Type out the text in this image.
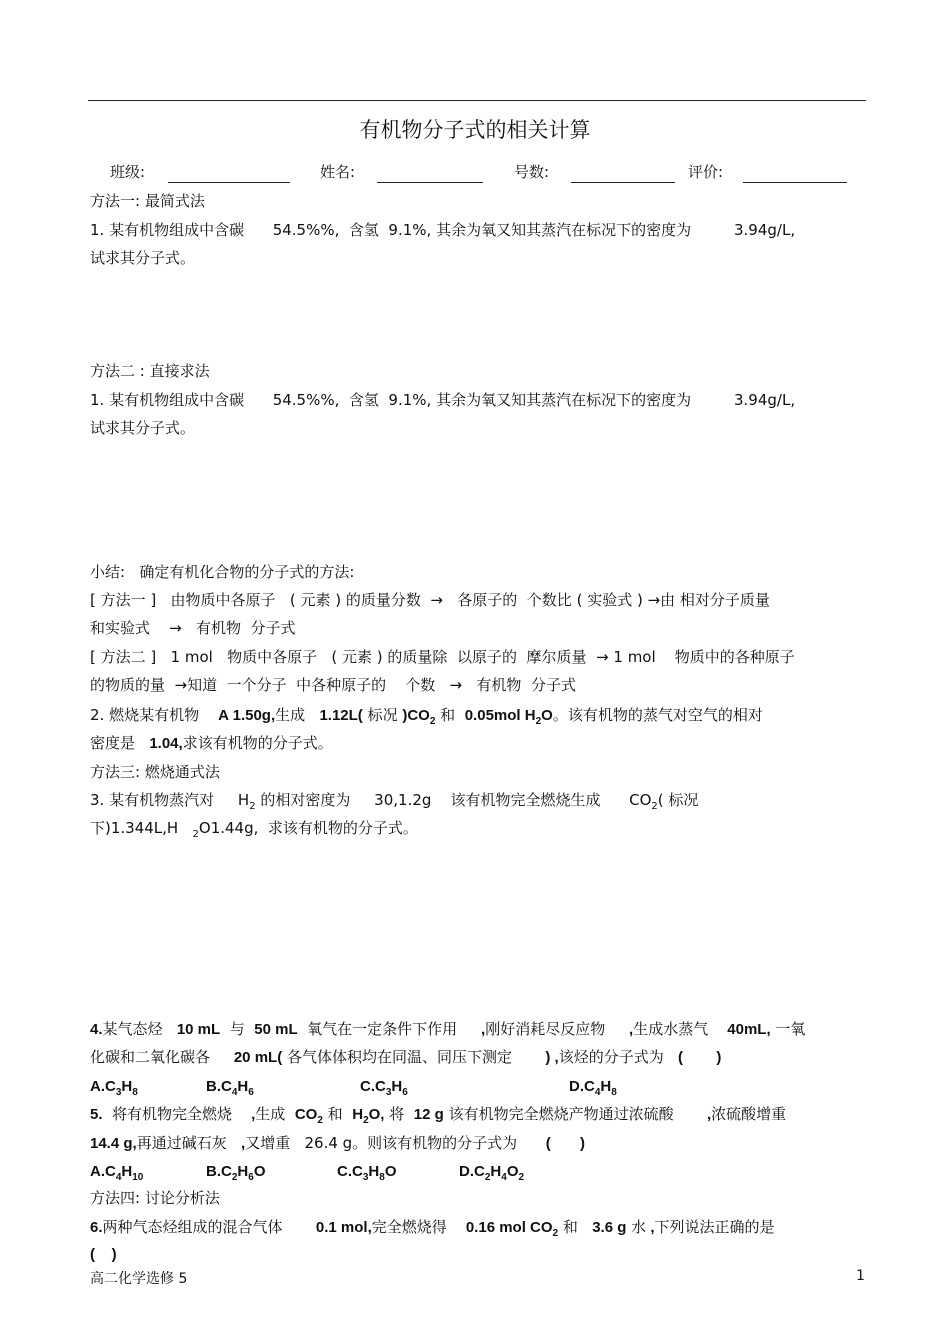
有机物分子式的相关计算
班级:	姓名:	号数:	评价:
方法一: 最简式法
1. 某有机物组成中含碳      54.5%%,  含氢  9.1%, 其余为氧又知其蒸汽在标况下的密度为         3.94g/L,
试求其分子式。
方法二 : 直接求法
1. 某有机物组成中含碳      54.5%%,  含氢  9.1%, 其余为氧又知其蒸汽在标况下的密度为         3.94g/L,
试求其分子式。
小结:   确定有机化合物的分子式的方法:
[ 方法一 ]   由物质中各原子   ( 元素 ) 的质量分数  →   各原子的  个数比 ( 实验式 ) →由 相对分子质量
和实验式    →   有机物  分子式
[ 方法二 ]   1 mol   物质中各原子   ( 元素 ) 的质量除  以原子的  摩尔质量  → 1 mol    物质中的各种原子
的物质的量  →知道  一个分子  中各种原子的    个数   →   有机物  分子式
2. 燃烧某有机物    A 1.50g,生成   1.12L( 标况 )$CO_2$ 和  0.05mol $H_2O$。该有机物的蒸气对空气的相对
密度是   1.04,求该有机物的分子式。
方法三: 燃烧通式法
3. 某有机物蒸汽对     $H_2$ 的相对密度为     30,1.2g    该有机物完全燃烧生成      $CO_2$( 标况
下)1.344L,H   $_2$O1.44g,  求该有机物的分子式。
4.某气态烃   10 mL  与  50 mL  氧气在一定条件下作用     ,刚好消耗尽反应物     ,生成水蒸气    40mL, 一氧
化碳和二氧化碳各     20 mL( 各气体体积均在同温、同压下测定       ) ,该烃的分子式为   (        )
$A.C_3H_8$	$B.C_4H_6$	$C.C_3H_6$	$D.C_4H_8$
5.  将有机物完全燃烧    ,生成  $CO_2$ 和  $H_2O$, 将  12 g 该有机物完全燃烧产物通过浓硫酸       ,浓硫酸增重
14.4 g,再通过碱石灰   ,又增重   26.4 g。则该有机物的分子式为      (       )
$A.C_4H_{10}$	$B.C_2H_6O$	$C.C_3H_8O$	$D.C_2H_4O_2$
方法四: 讨论分析法
6.两种气态烃组成的混合气体       0.1 mol,完全燃烧得    0.16 mol $CO_2$ 和   3.6 g 水 ,下列说法正确的是
(    )
高二化学选修 5	1
